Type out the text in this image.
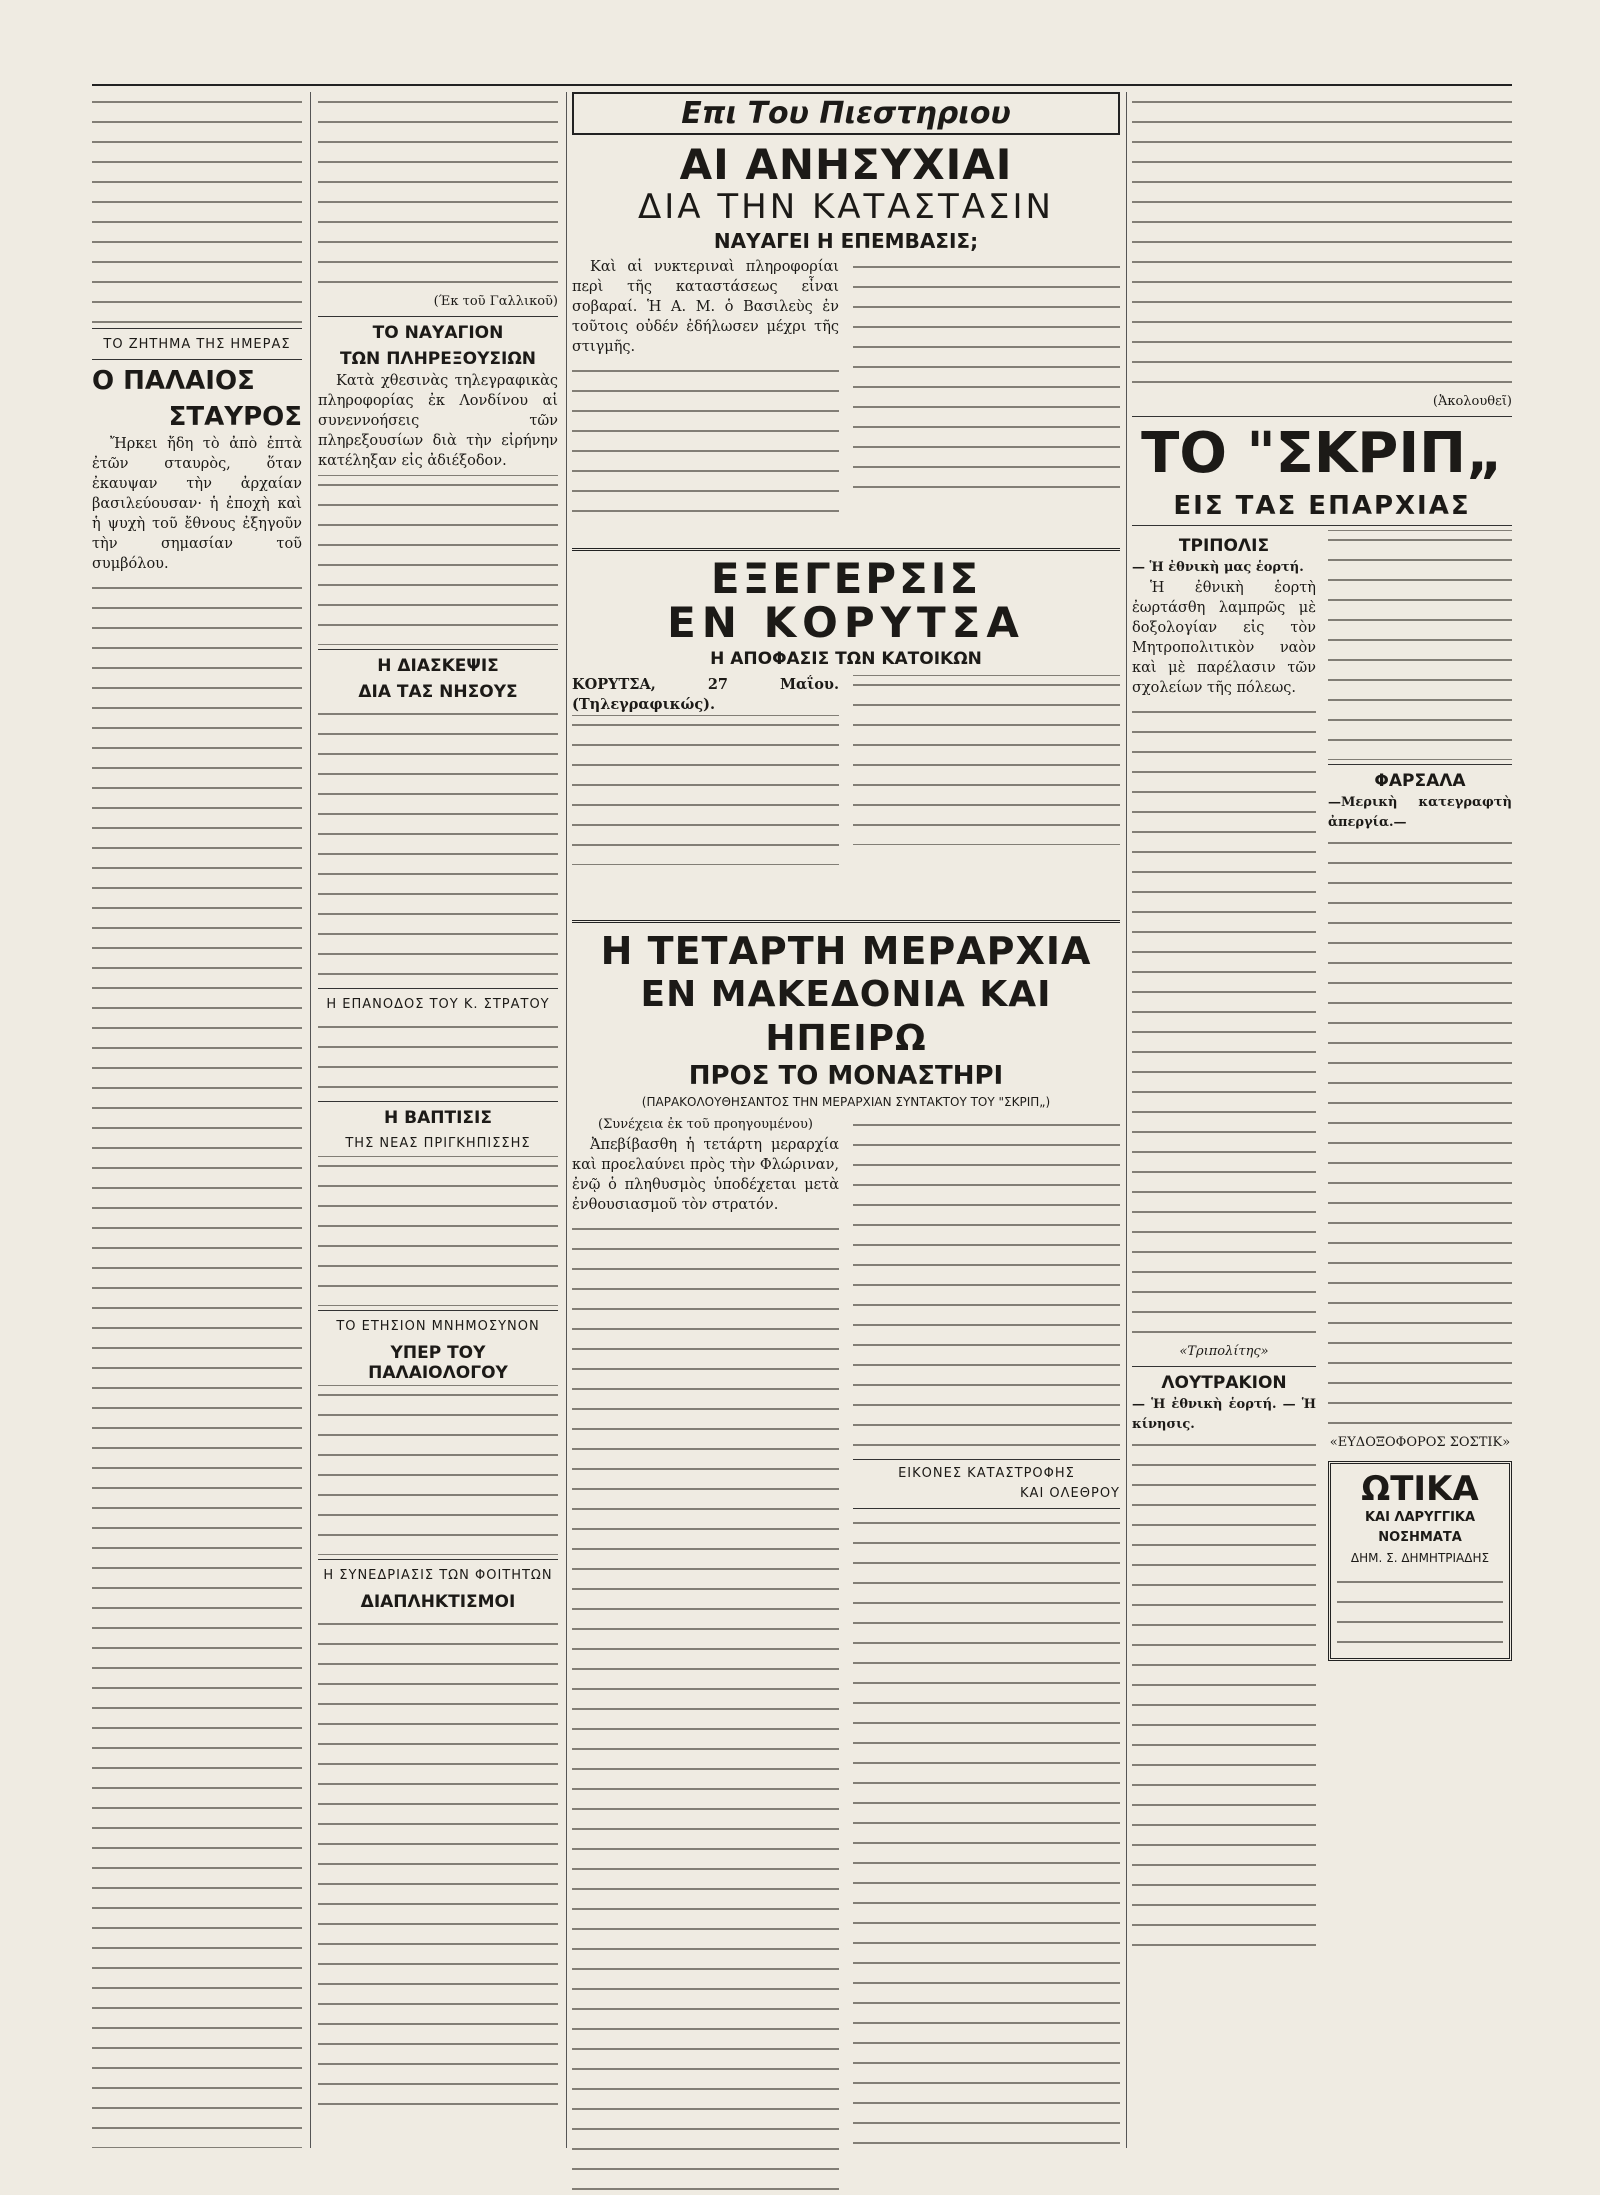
ΤΟ ΖΗΤΗΜΑ ΤΗΣ ΗΜΕΡΑΣ
Ο ΠΑΛΑΙΟΣ
ΣΤΑΥΡΟΣ

Ἤρκει ἤδη τὸ ἀπὸ ἑπτὰ ἐτῶν σταυρὸς, ὅταν ἐκαυψαν τὴν ἀρχαίαν βασιλεύουσαν· ἡ ἐποχὴ καὶ ἡ ψυχὴ τοῦ ἔθνους ἐξηγοῦν τὴν σημασίαν τοῦ συμβόλου.

(Έκ τοῦ Γαλλικοῦ)
ΤΟ ΝΑΥΑΓΙΟΝ
ΤΩΝ ΠΛΗΡΕΞΟΥΣΙΩΝ

Κατὰ χθεσινὰς τηλεγραφικὰς πληροφορίας ἐκ Λονδίνου αἱ συνεννοήσεις τῶν πληρεξουσίων διὰ τὴν εἰρήνην κατέληξαν εἰς ἀδιέξοδον.

Η ΔΙΑΣΚΕΨΙΣ
ΔΙΑ ΤΑΣ ΝΗΣΟΥΣ
Η ΕΠΑΝΟΔΟΣ ΤΟΥ Κ. ΣΤΡΑΤΟΥ
Η ΒΑΠΤΙΣΙΣ
ΤΗΣ ΝΕΑΣ ΠΡΙΓΚΗΠΙΣΣΗΣ
ΤΟ ΕΤΗΣΙΟΝ ΜΝΗΜΟΣΥΝΟΝ
ΥΠΕΡ ΤΟΥ ΠΑΛΑΙΟΛΟΓΟΥ
Η ΣΥΝΕΔΡΙΑΣΙΣ ΤΩΝ ΦΟΙΤΗΤΩΝ
ΔΙΑΠΛΗΚΤΙΣΜΟΙ
Επι Του Πιεστηριου
ΑΙ ΑΝΗΣΥΧΙΑΙ
ΔΙΑ ΤΗΝ ΚΑΤΑΣΤΑΣΙΝ
ΝΑΥΑΓΕΙ Η ΕΠΕΜΒΑΣΙΣ;

Καὶ αἱ νυκτεριναὶ πληροφορίαι περὶ τῆς καταστάσεως εἶναι σοβαραί. Ἡ Α. Μ. ὁ Βασιλεὺς ἐν τοῦτοις οὐδέν ἐδήλωσεν μέχρι τῆς στιγμῆς.

ΕΞΕΓΕΡΣΙΣ
ΕΝ ΚΟΡΥΤΣΑ
Η ΑΠΟΦΑΣΙΣ ΤΩΝ ΚΑΤΟΙΚΩΝ
ΚΟΡΥΤΣΑ, 27 Μαΐου. (Τηλεγραφικώς).
Η ΤΕΤΑΡΤΗ ΜΕΡΑΡΧΙΑ
ΕΝ ΜΑΚΕΔΟΝΙΑ ΚΑΙ ΗΠΕΙΡΩ
ΠΡΟΣ ΤΟ ΜΟΝΑΣΤΗΡΙ
(ΠΑΡΑΚΟΛΟΥΘΗΣΑΝΤΟΣ ΤΗΝ ΜΕΡΑΡΧΙΑΝ ΣΥΝΤΑΚΤΟΥ ΤΟΥ "ΣΚΡΙΠ„)
(Συνέχεια ἐκ τοῦ προηγουμένου)

Ἀπεβίβασθη ἡ τετάρτη μεραρχία καὶ προελαύνει πρὸς τὴν Φλώριναν, ἐνῷ ὁ πληθυσμὸς ὑποδέχεται μετὰ ἐνθουσιασμοῦ τὸν στρατόν.

ΕΙΚΟΝΕΣ ΚΑΤΑΣΤΡΟΦΗΣ
ΚΑΙ ΟΛΕΘΡΟΥ
(Ἀκολουθεῖ)
ΤΟ "ΣΚΡΙΠ„
ΕΙΣ ΤΑΣ ΕΠΑΡΧΙΑΣ
ΤΡΙΠΟΛΙΣ
— Ἡ ἐθνικὴ μας ἑορτή.

Ἡ ἐθνικὴ ἑορτὴ ἐωρτάσθη λαμπρῶς μὲ δοξολογίαν εἰς τὸν Μητροπολιτικὸν ναὸν καὶ μὲ παρέλασιν τῶν σχολείων τῆς πόλεως.

«Τριπολίτης»
ΛΟΥΤΡΑΚΙΟΝ
— Ἡ ἐθνικὴ ἑορτή. — Ἡ κίνησις.
ΦΑΡΣΑΛΑ
—Μερικὴ κατεγραφτὴ ἀπεργία.—
«ΕΥΔΟΞΟΦΟΡΟΣ ΣΟΣΤΙΚ»
ΩΤΙΚΑ
ΚΑΙ ΛΑΡΥΓΓΙΚΑ ΝΟΣΗΜΑΤΑ
ΔΗΜ. Σ. ΔΗΜΗΤΡΙΑΔΗΣ
